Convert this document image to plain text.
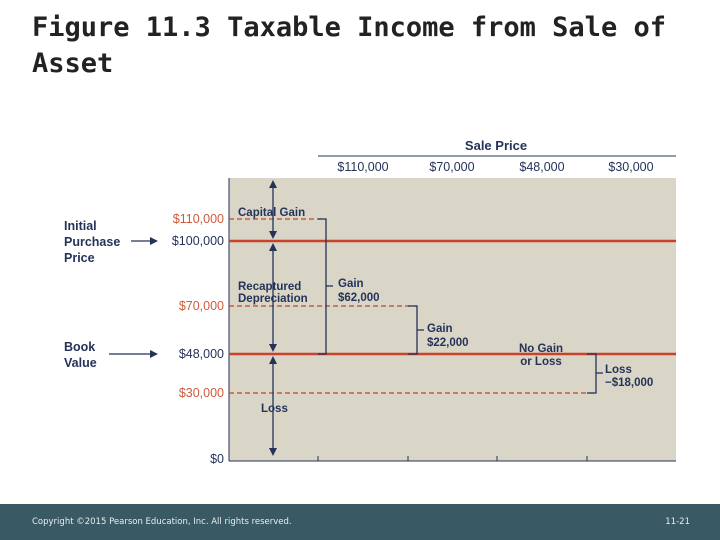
Figure 11.3 Taxable Income from Sale of Asset
Sale Price
$110,000	$70,000	$48,000	$30,000
$110,000
$100,000
$70,000
$48,000
$30,000
$0
Initial
Purchase
Price
Book
Value
Capital Gain
Recaptured
Depreciation
Gain
$62,000
Gain
$22,000	No Gain
or Loss
Loss
−$18,000
Loss
Copyright ©2015 Pearson Education, Inc. All rights reserved.	11-21
